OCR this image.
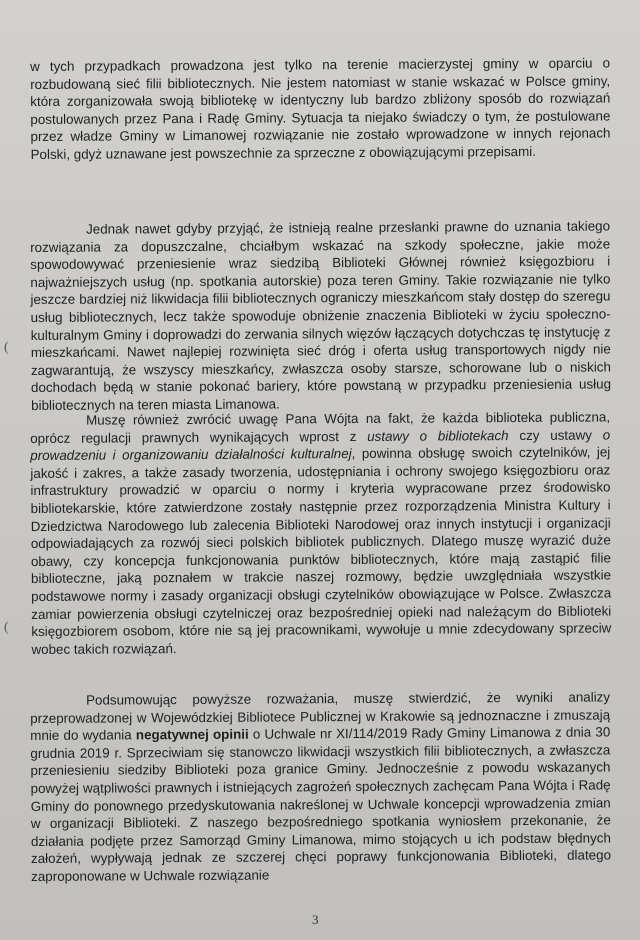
w tych przypadkach prowadzona jest tylko na terenie macierzystej gminy w oparciu o rozbudowaną sieć filii bibliotecznych. Nie jestem natomiast w stanie wskazać w Polsce gminy, która zorganizowała swoją bibliotekę w identyczny lub bardzo zbliżony sposób do rozwiązań postulowanych przez Pana i Radę Gminy. Sytuacja ta niejako świadczy o tym, że postulowane przez władze Gminy w Limanowej rozwiązanie nie zostało wprowadzone w innych rejonach Polski, gdyż uznawane jest powszechnie za sprzeczne z obowiązującymi przepisami.

Jednak nawet gdyby przyjąć, że istnieją realne przesłanki prawne do uznania takiego rozwiązania za dopuszczalne, chciałbym wskazać na szkody społeczne, jakie może spowodowywać przeniesienie wraz siedzibą Biblioteki Głównej również księgozbioru i najważniejszych usług (np. spotkania autorskie) poza teren Gminy. Takie rozwiązanie nie tylko jeszcze bardziej niż likwidacja filii bibliotecznych ograniczy mieszkańcom stały dostęp do szeregu usług bibliotecznych, lecz także spowoduje obniżenie znaczenia Biblioteki w życiu społeczno-kulturalnym Gminy i doprowadzi do zerwania silnych więzów łączących dotychczas tę instytucję z mieszkańcami. Nawet najlepiej rozwinięta sieć dróg i oferta usług transportowych nigdy nie zagwarantują, że wszyscy mieszkańcy, zwłaszcza osoby starsze, schorowane lub o niskich dochodach będą w stanie pokonać bariery, które powstaną w przypadku przeniesienia usług bibliotecznych na teren miasta Limanowa.

Muszę również zwrócić uwagę Pana Wójta na fakt, że każda biblioteka publiczna, oprócz regulacji prawnych wynikających wprost z ustawy o bibliotekach czy ustawy o prowadzeniu i organizowaniu działalności kulturalnej, powinna obsługę swoich czytelników, jej jakość i zakres, a także zasady tworzenia, udostępniania i ochrony swojego księgozbioru oraz infrastruktury prowadzić w oparciu o normy i kryteria wypracowane przez środowisko bibliotekarskie, które zatwierdzone zostały następnie przez rozporządzenia Ministra Kultury i Dziedzictwa Narodowego lub zalecenia Biblioteki Narodowej oraz innych instytucji i organizacji odpowiadających za rozwój sieci polskich bibliotek publicznych. Dlatego muszę wyrazić duże obawy, czy koncepcja funkcjonowania punktów bibliotecznych, które mają zastąpić filie biblioteczne, jaką poznałem w trakcie naszej rozmowy, będzie uwzględniała wszystkie podstawowe normy i zasady organizacji obsługi czytelników obowiązujące w Polsce. Zwłaszcza zamiar powierzenia obsługi czytelniczej oraz bezpośredniej opieki nad należącym do Biblioteki księgozbiorem osobom, które nie są jej pracownikami, wywołuje u mnie zdecydowany sprzeciw wobec takich rozwiązań.

Podsumowując powyższe rozważania, muszę stwierdzić, że wyniki analizy przeprowadzonej w Wojewódzkiej Bibliotece Publicznej w Krakowie są jednoznaczne i zmuszają mnie do wydania negatywnej opinii o Uchwale nr XI/114/2019 Rady Gminy Limanowa z dnia 30 grudnia 2019 r. Sprzeciwiam się stanowczo likwidacji wszystkich filii bibliotecznych, a zwłaszcza przeniesieniu siedziby Biblioteki poza granice Gminy. Jednocześnie z powodu wskazanych powyżej wątpliwości prawnych i istniejących zagrożeń społecznych zachęcam Pana Wójta i Radę Gminy do ponownego przedyskutowania nakreślonej w Uchwale koncepcji wprowadzenia zmian w organizacji Biblioteki. Z naszego bezpośredniego spotkania wyniosłem przekonanie, że działania podjęte przez Samorząd Gminy Limanowa, mimo stojących u ich podstaw błędnych założeń, wypływają jednak ze szczerej chęci poprawy funkcjonowania Biblioteki, dlatego zaproponowane w Uchwale rozwiązanie

(
(
3
